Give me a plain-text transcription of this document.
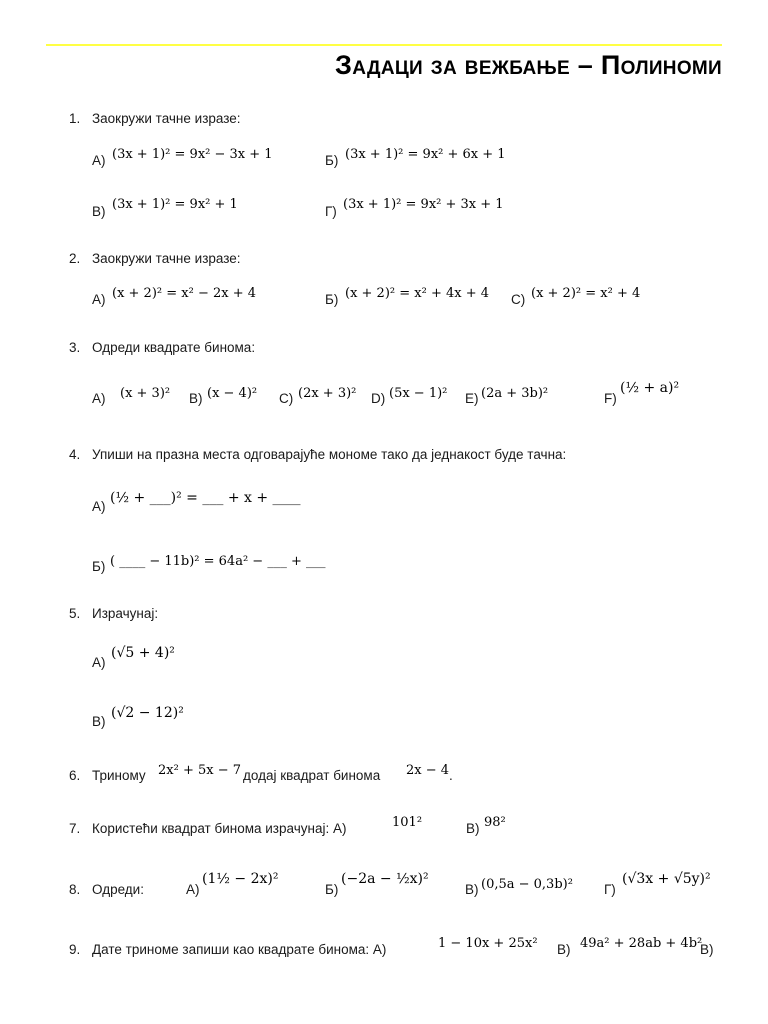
Задаци за вежбање – Полиноми
1. Заокружи тачне изразе:
А) (3x + 1)² = 9x² − 3x + 1	Б) (3x + 1)² = 9x² + 6x + 1
В) (3x + 1)² = 9x² + 1	Г) (3x + 1)² = 9x² + 3x + 1
2. Заокружи тачне изразе:
А) (x + 2)² = x² − 2x + 4	Б) (x + 2)² = x² + 4x + 4 C) (x + 2)² = x² + 4
3. Одреди квадрате бинома:
А) (x + 3)² В) (x − 4)² C) (2x + 3)² D) (5x − 1)² Е) (2a + 3b)²	F)
(½ + a)²
4. Упиши на празна места одговарајуће мономе тако да једнакост буде тачна:
А)
(½ + ___)² = ___ + x + ____
Б) ( ____ − 11b)² = 64a² − ___ + ___
5. Израчунај:
А)
(√5 + 4)²
В)
(√2 − 12)²
6. Триному 2x² + 5x − 7 додај квадрат бинома 2x − 4 .
7. Користећи квадрат бинома израчунај: А)	101²	В) 98²
8. Одреди:	А)
(1½ − 2x)²
Б)
(−2a − ½x)²
В) (0,5a − 0,3b)² Г)
(√3x + √5y)²
9. Дате триноме запиши као квадрате бинома: А)	1 − 10x + 25x² В) 49a² + 28ab + 4b²
В)
